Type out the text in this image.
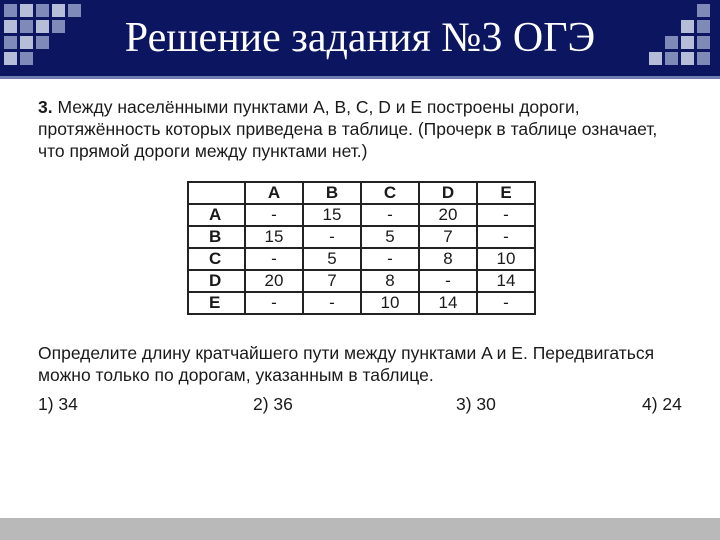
Решение задания №3 ОГЭ

3. Между населёнными пунктами A, B, C, D и E построены дороги, протяжённость которых приведена в таблице. (Прочерк в таблице означает, что прямой дороги между пунктами нет.)

	A	B	C	D	E
A	-	15	-	20	-
B	15	-	5	7	-
C	-	5	-	8	10
D	20	7	8	-	14
E	-	-	10	14	-

Определите длину кратчайшего пути между пунктами A и E. Передвигаться можно только по дорогам, указанным в таблице.

1) 34	2) 36	3) 30	4) 24
